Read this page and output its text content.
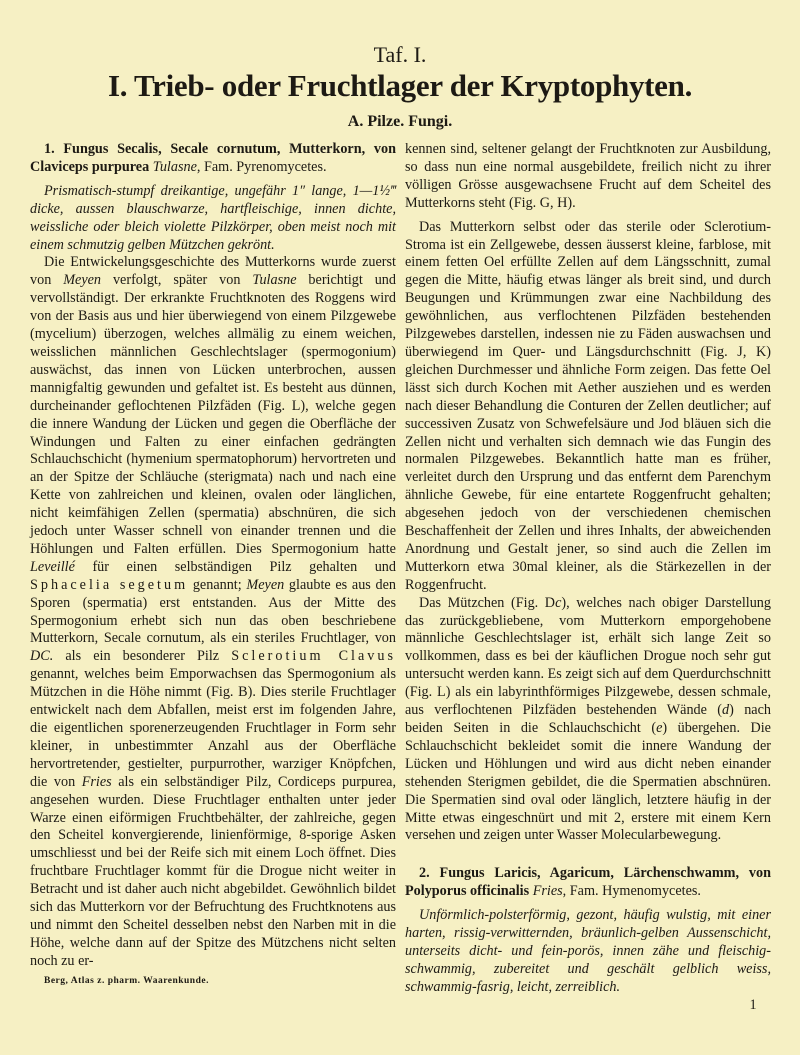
Taf. I.
I. Trieb- oder Fruchtlager der Kryptophyten.
A. Pilze. Fungi.

1. Fungus Secalis, Secale cornutum, Mutterkorn, von Claviceps purpurea Tulasne, Fam. Pyrenomycetes.

Prismatisch-stumpf dreikantige, ungefähr 1″ lange, 1—1½‴ dicke, aussen blauschwarze, hartfleischige, innen dichte, weissliche oder bleich violette Pilzkörper, oben meist noch mit einem schmutzig gelben Mützchen gekrönt.

Die Entwickelungsgeschichte des Mutterkorns wurde zuerst von Meyen verfolgt, später von Tulasne berichtigt und vervollständigt. Der erkrankte Fruchtknoten des Roggens wird von der Basis aus und hier überwiegend von einem Pilzgewebe (mycelium) überzogen, welches allmälig zu einem weichen, weisslichen männlichen Geschlechtslager (spermogonium) auswächst, das innen von Lücken unterbrochen, aussen mannigfaltig gewunden und gefaltet ist. Es besteht aus dünnen, durcheinander geflochtenen Pilzfäden (Fig. L), welche gegen die innere Wandung der Lücken und gegen die Oberfläche der Windungen und Falten zu einer einfachen gedrängten Schlauchschicht (hymenium spermatophorum) hervortreten und an der Spitze der Schläuche (sterigmata) nach und nach eine Kette von zahlreichen und kleinen, ovalen oder länglichen, nicht keimfähigen Zellen (spermatia) abschnüren, die sich jedoch unter Wasser schnell von einander trennen und die Höhlungen und Falten erfüllen. Dies Spermogonium hatte Leveillé für einen selbständigen Pilz gehalten und Sphacelia segetum genannt; Meyen glaubte es aus den Sporen (spermatia) erst entstanden. Aus der Mitte des Spermogonium erhebt sich nun das oben beschriebene Mutterkorn, Secale cornutum, als ein steriles Fruchtlager, von DC. als ein besonderer Pilz Sclerotium Clavus genannt, welches beim Emporwachsen das Spermogonium als Mützchen in die Höhe nimmt (Fig. B). Dies sterile Fruchtlager entwickelt nach dem Abfallen, meist erst im folgenden Jahre, die eigentlichen sporenerzeugenden Fruchtlager in Form sehr kleiner, in unbestimmter Anzahl aus der Oberfläche hervortretender, gestielter, purpurrother, warziger Knöpfchen, die von Fries als ein selbständiger Pilz, Cordiceps purpurea, angesehen wurden. Diese Fruchtlager enthalten unter jeder Warze einen eiförmigen Fruchtbehälter, der zahlreiche, gegen den Scheitel konvergierende, linienförmige, 8-sporige Asken umschliesst und bei der Reife sich mit einem Loch öffnet. Dies fruchtbare Fruchtlager kommt für die Drogue nicht weiter in Betracht und ist daher auch nicht abgebildet. Gewöhnlich bildet sich das Mutterkorn vor der Befruchtung des Fruchtknotens aus und nimmt den Scheitel desselben nebst den Narben mit in die Höhe, welche dann auf der Spitze des Mützchens nicht selten noch zu er-

Berg, Atlas z. pharm. Waarenkunde.

kennen sind, seltener gelangt der Fruchtknoten zur Ausbildung, so dass nun eine normal ausgebildete, freilich nicht zu ihrer völligen Grösse ausgewachsene Frucht auf dem Scheitel des Mutterkorns steht (Fig. G, H).

Das Mutterkorn selbst oder das sterile oder Sclerotium-Stroma ist ein Zellgewebe, dessen äusserst kleine, farblose, mit einem fetten Oel erfüllte Zellen auf dem Längsschnitt, zumal gegen die Mitte, häufig etwas länger als breit sind, und durch Beugungen und Krümmungen zwar eine Nachbildung des gewöhnlichen, aus verflochtenen Pilzfäden bestehenden Pilzgewebes darstellen, indessen nie zu Fäden auswachsen und überwiegend im Quer- und Längsdurchschnitt (Fig. J, K) gleichen Durchmesser und ähnliche Form zeigen. Das fette Oel lässt sich durch Kochen mit Aether ausziehen und es werden nach dieser Behandlung die Conturen der Zellen deutlicher; auf successiven Zusatz von Schwefelsäure und Jod bläuen sich die Zellen nicht und verhalten sich demnach wie das Fungin des normalen Pilzgewebes. Bekanntlich hatte man es früher, verleitet durch den Ursprung und das entfernt dem Parenchym ähnliche Gewebe, für eine entartete Roggenfrucht gehalten; abgesehen jedoch von der verschiedenen chemischen Beschaffenheit der Zellen und ihres Inhalts, der abweichenden Anordnung und Gestalt jener, so sind auch die Zellen im Mutterkorn etwa 30mal kleiner, als die Stärkezellen in der Roggenfrucht.

Das Mützchen (Fig. Dc), welches nach obiger Darstellung das zurückgebliebene, vom Mutterkorn emporgehobene männliche Geschlechtslager ist, erhält sich lange Zeit so vollkommen, dass es bei der käuflichen Drogue noch sehr gut untersucht werden kann. Es zeigt sich auf dem Querdurchschnitt (Fig. L) als ein labyrinthförmiges Pilzgewebe, dessen schmale, aus verflochtenen Pilzfäden bestehenden Wände (d) nach beiden Seiten in die Schlauchschicht (e) übergehen. Die Schlauchschicht bekleidet somit die innere Wandung der Lücken und Höhlungen und wird aus dicht neben einander stehenden Sterigmen gebildet, die die Spermatien abschnüren. Die Spermatien sind oval oder länglich, letztere häufig in der Mitte etwas eingeschnürt und mit 2, erstere mit einem Kern versehen und zeigen unter Wasser Molecularbewegung.

2. Fungus Laricis, Agaricum, Lärchenschwamm, von Polyporus officinalis Fries, Fam. Hymenomycetes.

Unförmlich-polsterförmig, gezont, häufig wulstig, mit einer harten, rissig-verwitternden, bräunlich-gelben Aussenschicht, unterseits dicht- und fein-porös, innen zähe und fleischig-schwammig, zubereitet und geschält gelblich weiss, schwammig-fasrig, leicht, zerreiblich.

1
